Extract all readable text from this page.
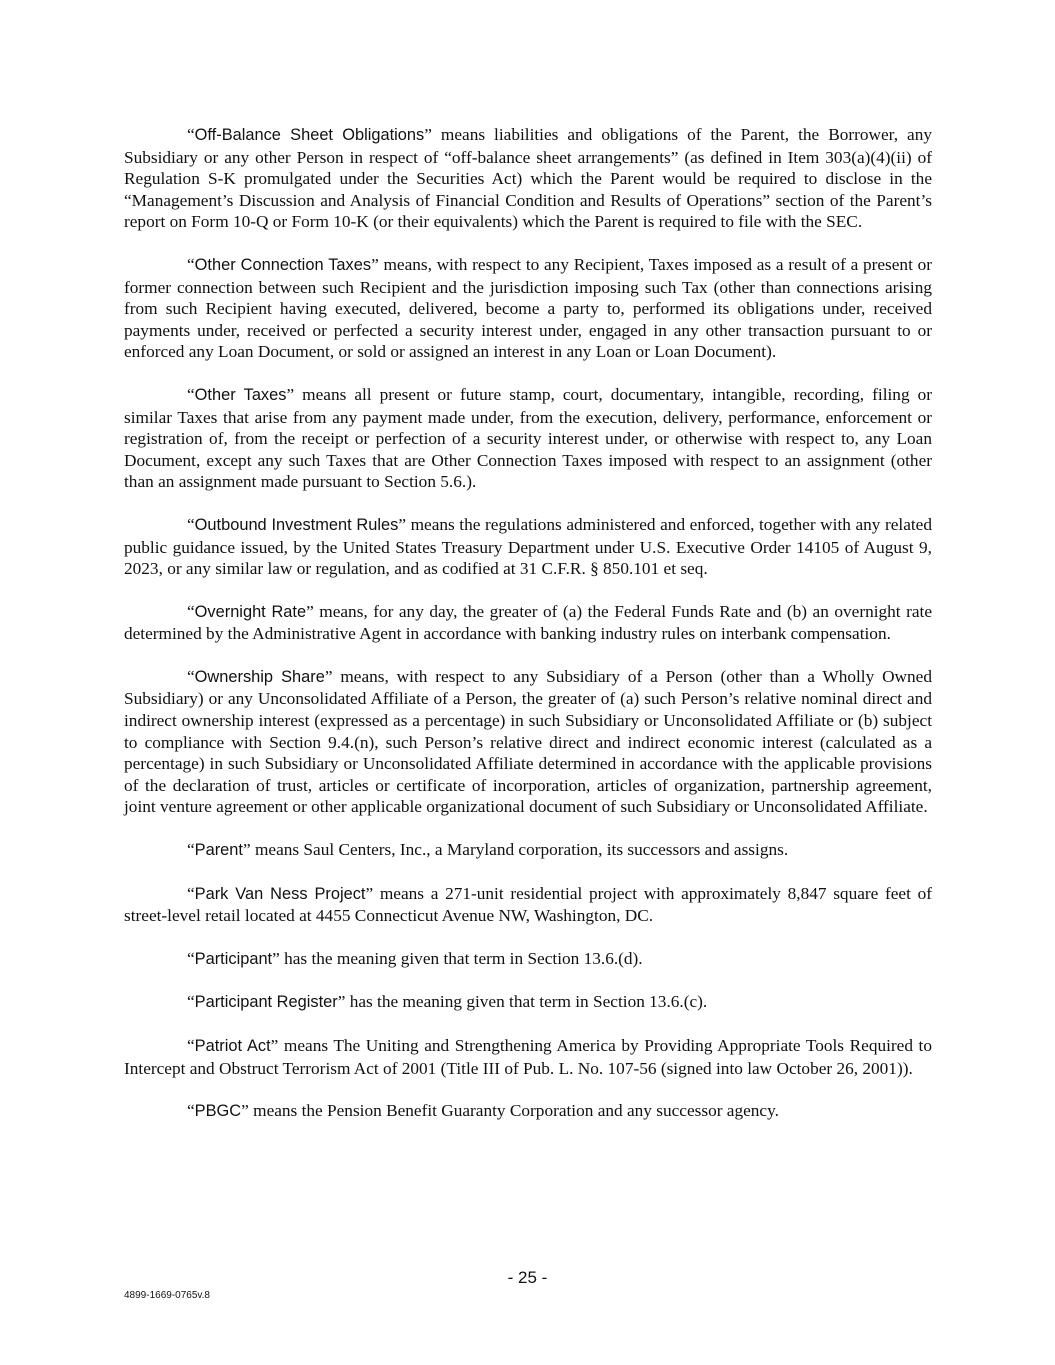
“Off-Balance Sheet Obligations” means liabilities and obligations of the Parent, the Borrower, any Subsidiary or any other Person in respect of “off-balance sheet arrangements” (as defined in Item 303(a)(4)(ii) of Regulation S-K promulgated under the Securities Act) which the Parent would be required to disclose in the “Management’s Discussion and Analysis of Financial Condition and Results of Operations” section of the Parent’s report on Form 10-Q or Form 10-K (or their equivalents) which the Parent is required to file with the SEC.

“Other Connection Taxes” means, with respect to any Recipient, Taxes imposed as a result of a present or former connection between such Recipient and the jurisdiction imposing such Tax (other than connections arising from such Recipient having executed, delivered, become a party to, performed its obligations under, received payments under, received or perfected a security interest under, engaged in any other transaction pursuant to or enforced any Loan Document, or sold or assigned an interest in any Loan or Loan Document).

“Other Taxes” means all present or future stamp, court, documentary, intangible, recording, filing or similar Taxes that arise from any payment made under, from the execution, delivery, performance, enforcement or registration of, from the receipt or perfection of a security interest under, or otherwise with respect to, any Loan Document, except any such Taxes that are Other Connection Taxes imposed with respect to an assignment (other than an assignment made pursuant to Section 5.6.).

“Outbound Investment Rules” means the regulations administered and enforced, together with any related public guidance issued, by the United States Treasury Department under U.S. Executive Order 14105 of August 9, 2023, or any similar law or regulation, and as codified at 31 C.F.R. § 850.101 et seq.

“Overnight Rate” means, for any day, the greater of (a) the Federal Funds Rate and (b) an overnight rate determined by the Administrative Agent in accordance with banking industry rules on interbank compensation.

“Ownership Share” means, with respect to any Subsidiary of a Person (other than a Wholly Owned Subsidiary) or any Unconsolidated Affiliate of a Person, the greater of (a) such Person’s relative nominal direct and indirect ownership interest (expressed as a percentage) in such Subsidiary or Unconsolidated Affiliate or (b) subject to compliance with Section 9.4.(n), such Person’s relative direct and indirect economic interest (calculated as a percentage) in such Subsidiary or Unconsolidated Affiliate determined in accordance with the applicable provisions of the declaration of trust, articles or certificate of incorporation, articles of organization, partnership agreement, joint venture agreement or other applicable organizational document of such Subsidiary or Unconsolidated Affiliate.

“Parent” means Saul Centers, Inc., a Maryland corporation, its successors and assigns.

“Park Van Ness Project” means a 271-unit residential project with approximately 8,847 square feet of street-level retail located at 4455 Connecticut Avenue NW, Washington, DC.

“Participant” has the meaning given that term in Section 13.6.(d).

“Participant Register” has the meaning given that term in Section 13.6.(c).

“Patriot Act” means The Uniting and Strengthening America by Providing Appropriate Tools Required to Intercept and Obstruct Terrorism Act of 2001 (Title III of Pub. L. No. 107-56 (signed into law October 26, 2001)).

“PBGC” means the Pension Benefit Guaranty Corporation and any successor agency.

- 25 -
4899-1669-0765v.8
